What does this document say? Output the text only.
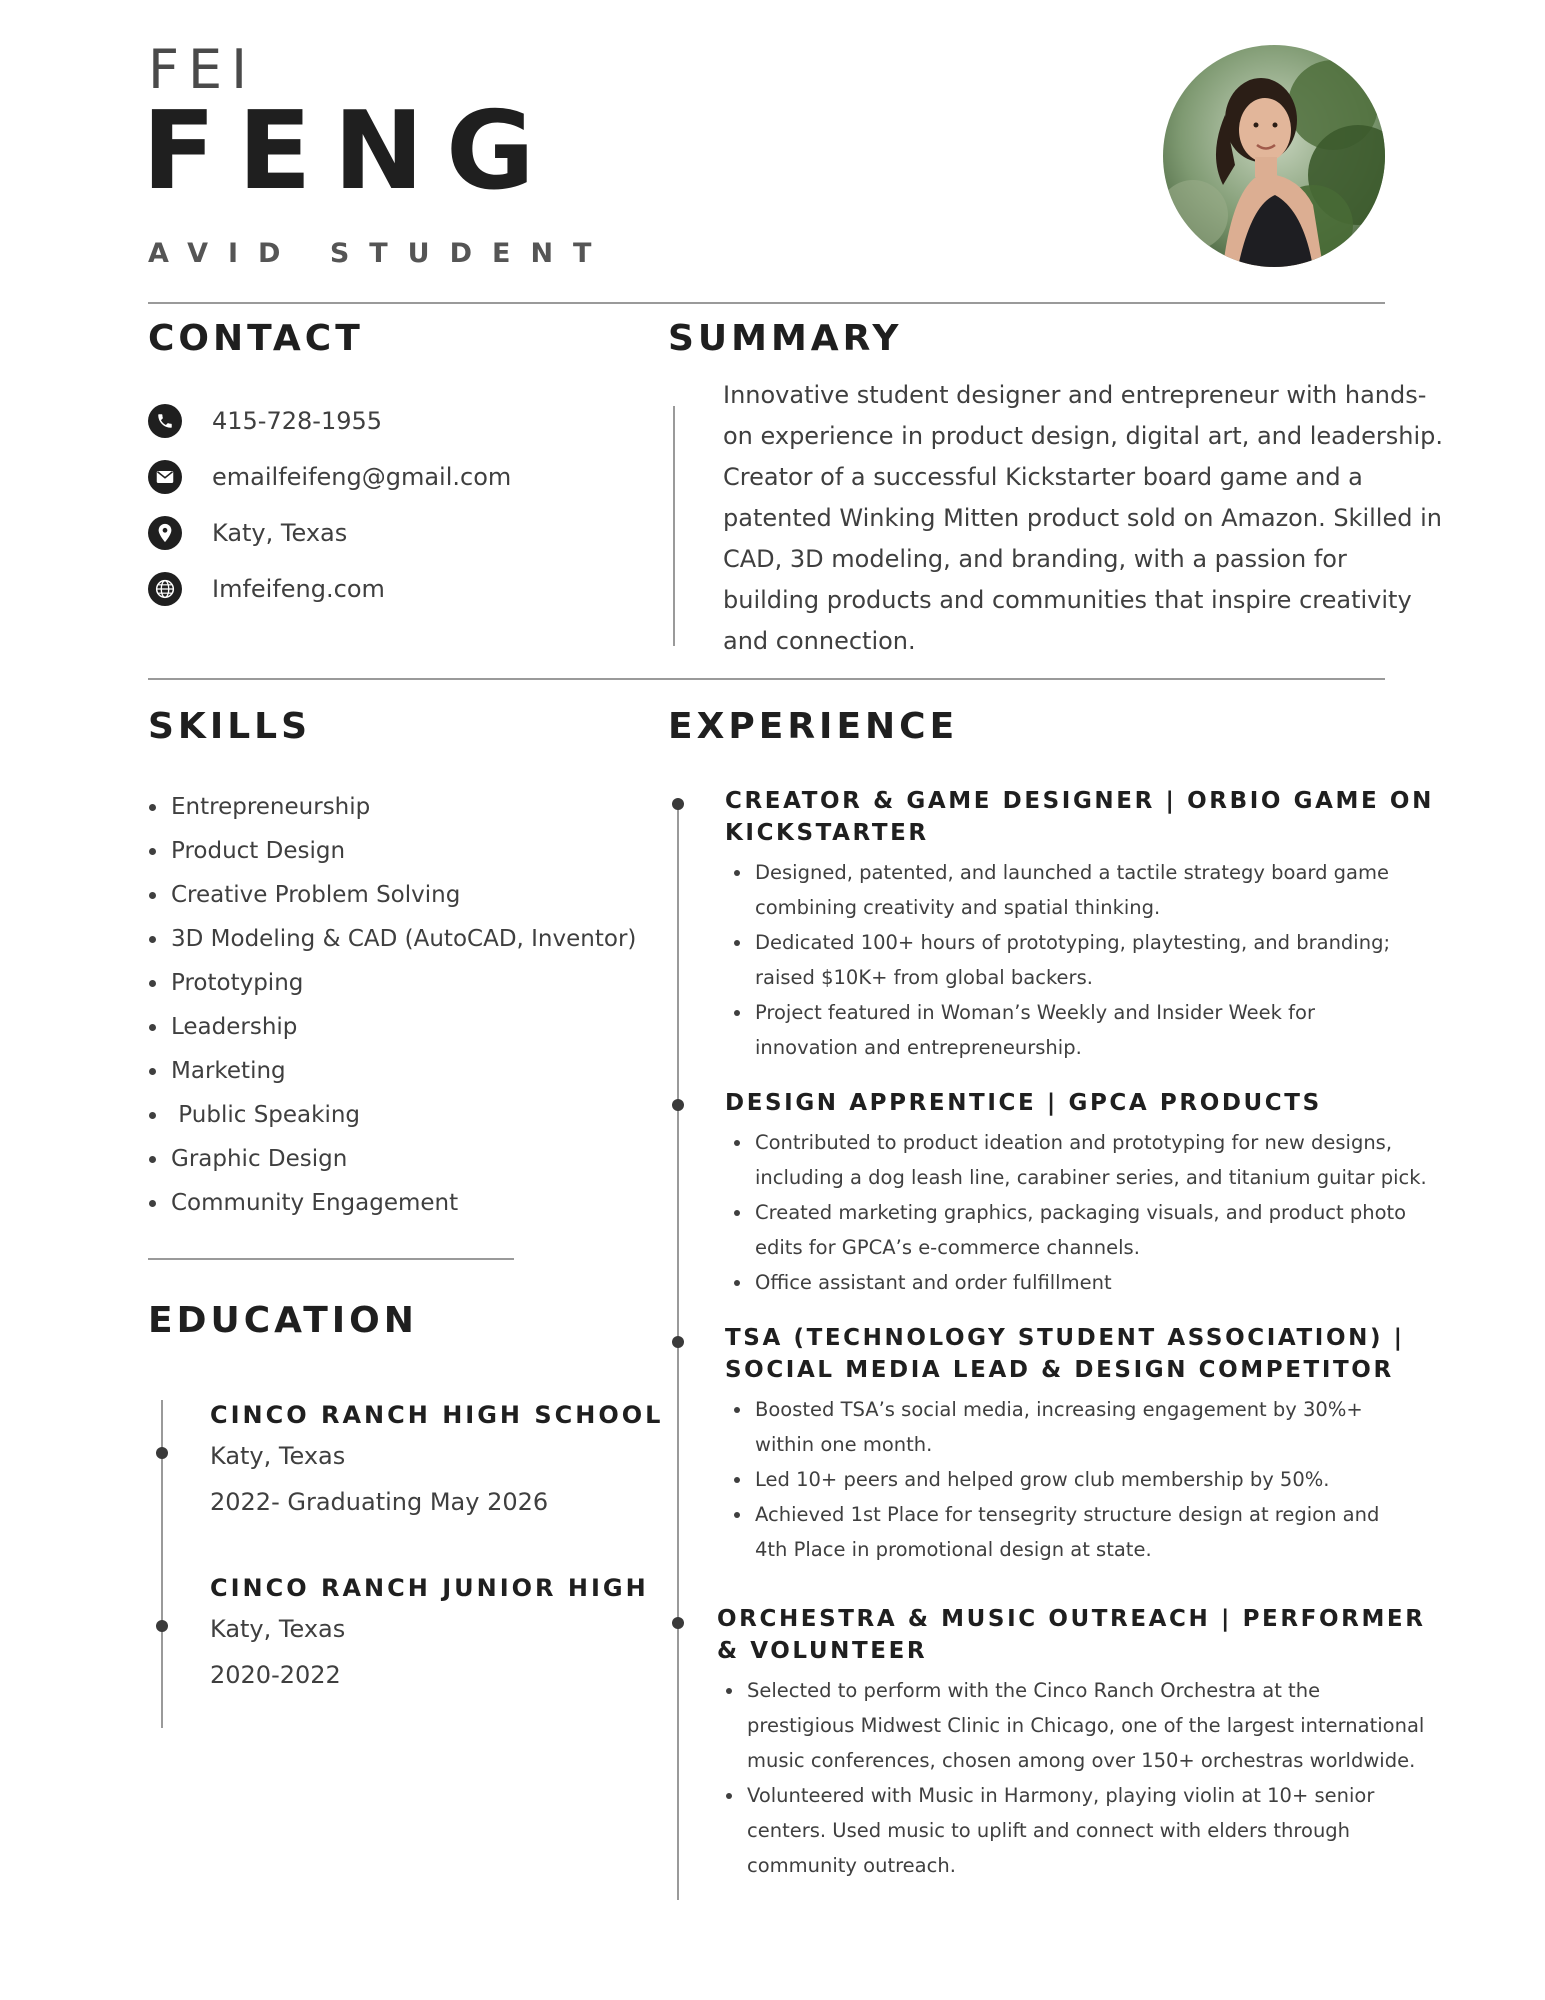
FEI
FENG
AVID STUDENT
CONTACT
415-728-1955
emailfeifeng@gmail.com
Katy, Texas
Imfeifeng.com
SUMMARY

Innovative student designer and entrepreneur with hands-on experience in product design, digital art, and leadership. Creator of a successful Kickstarter board game and a patented Winking Mitten product sold on Amazon. Skilled in CAD, 3D modeling, and branding, with a passion for building products and communities that inspire creativity and connection.

SKILLS
• Entrepreneurship
• Product Design
• Creative Problem Solving
• 3D Modeling & CAD (AutoCAD, Inventor)
• Prototyping
• Leadership
• Marketing
•  Public Speaking
• Graphic Design
• Community Engagement
EDUCATION
CINCO RANCH HIGH SCHOOL
Katy, Texas
2022- Graduating May 2026
CINCO RANCH JUNIOR HIGH
Katy, Texas
2020-2022
EXPERIENCE

CREATOR & GAME DESIGNER | ORBIO GAME ON
KICKSTARTER

• Designed, patented, and launched a tactile strategy board game
combining creativity and spatial thinking.
• Dedicated 100+ hours of prototyping, playtesting, and branding;
raised $10K+ from global backers.
• Project featured in Woman’s Weekly and Insider Week for
innovation and entrepreneurship.

DESIGN APPRENTICE | GPCA PRODUCTS

• Contributed to product ideation and prototyping for new designs,
including a dog leash line, carabiner series, and titanium guitar pick.
• Created marketing graphics, packaging visuals, and product photo
edits for GPCA’s e-commerce channels.
• Office assistant and order fulfillment

TSA (TECHNOLOGY STUDENT ASSOCIATION) |
SOCIAL MEDIA LEAD & DESIGN COMPETITOR

• Boosted TSA’s social media, increasing engagement by 30%+
within one month.
• Led 10+ peers and helped grow club membership by 50%.
• Achieved 1st Place for tensegrity structure design at region and
4th Place in promotional design at state.

ORCHESTRA & MUSIC OUTREACH | PERFORMER
& VOLUNTEER

• Selected to perform with the Cinco Ranch Orchestra at the
prestigious Midwest Clinic in Chicago, one of the largest international
music conferences, chosen among over 150+ orchestras worldwide.
• Volunteered with Music in Harmony, playing violin at 10+ senior
centers. Used music to uplift and connect with elders through
community outreach.
